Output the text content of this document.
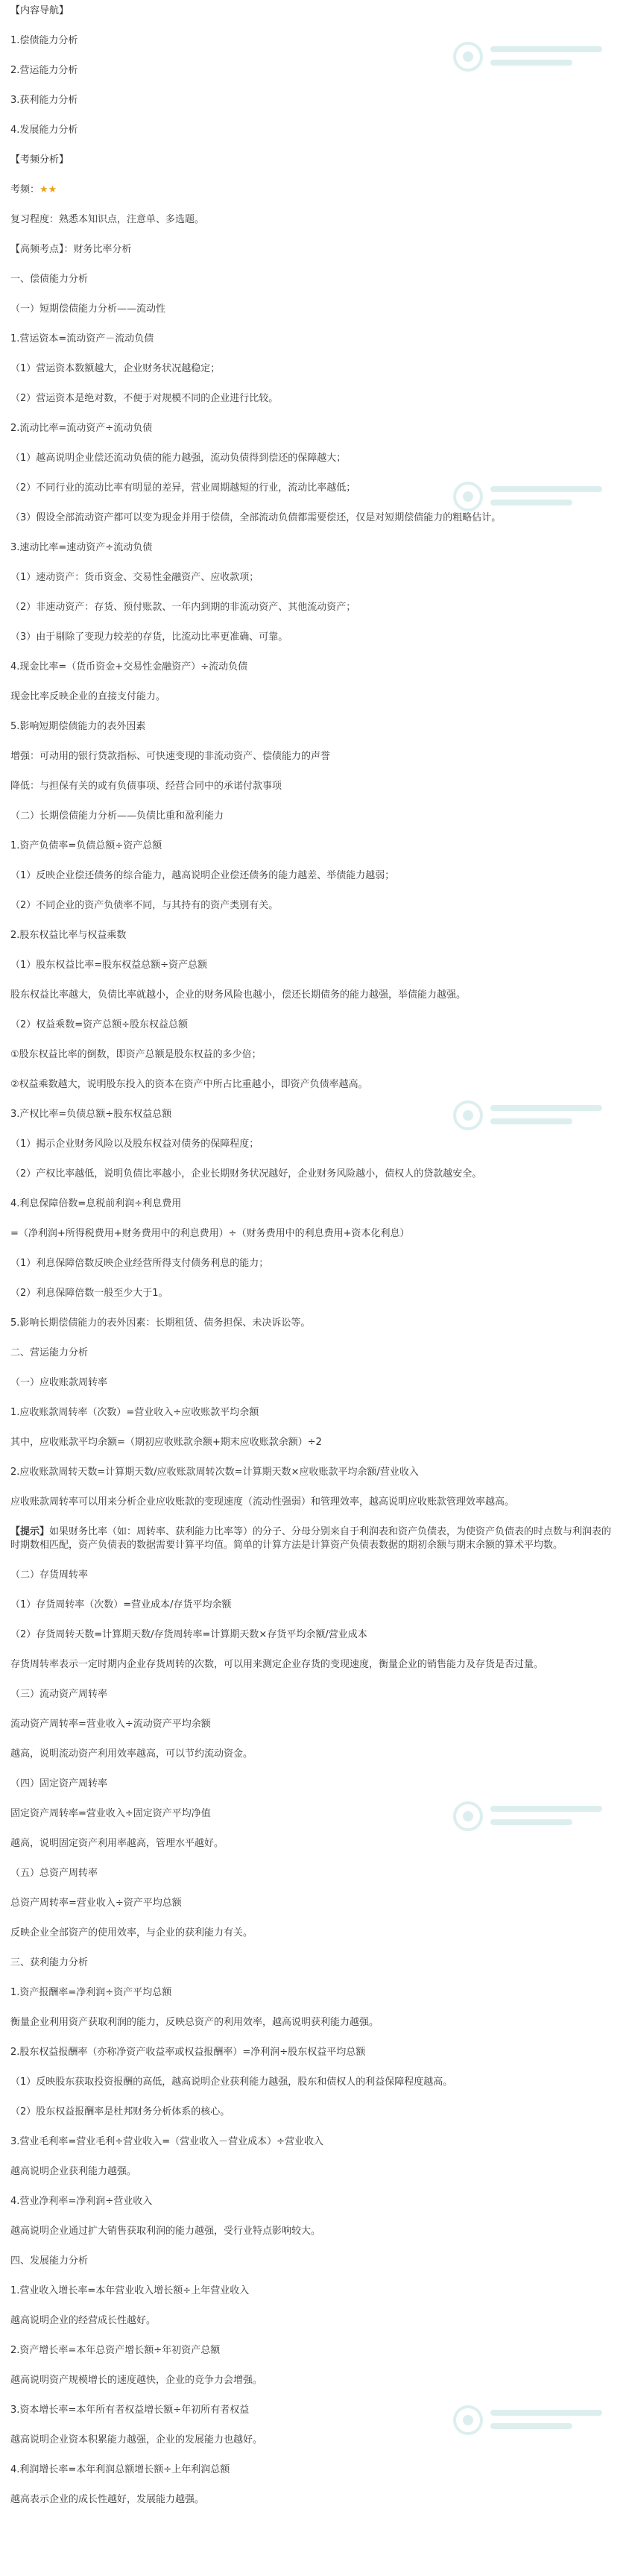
【内容导航】

1.偿债能力分析

2.营运能力分析

3.获利能力分析

4.发展能力分析

【考频分析】

考频：★★

复习程度：熟悉本知识点，注意单、多选题。

【高频考点】：财务比率分析

一、偿债能力分析

（一）短期偿债能力分析——流动性

1.营运资本=流动资产－流动负债

（1）营运资本数额越大，企业财务状况越稳定；

（2）营运资本是绝对数，不便于对规模不同的企业进行比较。

2.流动比率=流动资产÷流动负债

（1）越高说明企业偿还流动负债的能力越强，流动负债得到偿还的保障越大；

（2）不同行业的流动比率有明显的差异，营业周期越短的行业，流动比率越低；

（3）假设全部流动资产都可以变为现金并用于偿债，全部流动负债都需要偿还，仅是对短期偿债能力的粗略估计。

3.速动比率=速动资产÷流动负债

（1）速动资产：货币资金、交易性金融资产、应收款项；

（2）非速动资产：存货、预付账款、一年内到期的非流动资产、其他流动资产；

（3）由于剔除了变现力较差的存货，比流动比率更准确、可靠。

4.现金比率=（货币资金+交易性金融资产）÷流动负债

现金比率反映企业的直接支付能力。

5.影响短期偿债能力的表外因素

增强：可动用的银行贷款指标、可快速变现的非流动资产、偿债能力的声誉

降低：与担保有关的或有负债事项、经营合同中的承诺付款事项

（二）长期偿债能力分析——负债比重和盈利能力

1.资产负债率=负债总额÷资产总额

（1）反映企业偿还债务的综合能力，越高说明企业偿还债务的能力越差、举债能力越弱；

（2）不同企业的资产负债率不同，与其持有的资产类别有关。

2.股东权益比率与权益乘数

（1）股东权益比率=股东权益总额÷资产总额

股东权益比率越大，负债比率就越小，企业的财务风险也越小，偿还长期债务的能力越强，举债能力越强。

（2）权益乘数=资产总额÷股东权益总额

①股东权益比率的倒数，即资产总额是股东权益的多少倍；

②权益乘数越大，说明股东投入的资本在资产中所占比重越小，即资产负债率越高。

3.产权比率=负债总额÷股东权益总额

（1）揭示企业财务风险以及股东权益对债务的保障程度；

（2）产权比率越低，说明负债比率越小，企业长期财务状况越好，企业财务风险越小，债权人的贷款越安全。

4.利息保障倍数=息税前利润÷利息费用

=（净利润+所得税费用+财务费用中的利息费用）÷（财务费用中的利息费用+资本化利息）

（1）利息保障倍数反映企业经营所得支付债务利息的能力；

（2）利息保障倍数一般至少大于1。

5.影响长期偿债能力的表外因素：长期租赁、债务担保、未决诉讼等。

二、营运能力分析

（一）应收账款周转率

1.应收账款周转率（次数）=营业收入÷应收账款平均余额

其中，应收账款平均余额=（期初应收账款余额+期末应收账款余额）÷2

2.应收账款周转天数=计算期天数/应收账款周转次数=计算期天数×应收账款平均余额/营业收入

应收账款周转率可以用来分析企业应收账款的变现速度（流动性强弱）和管理效率，越高说明应收账款管理效率越高。

【提示】如果财务比率（如：周转率、获利能力比率等）的分子、分母分别来自于利润表和资产负债表，为使资产负债表的时点数与利润表的时期数相匹配，资产负债表的数据需要计算平均值。简单的计算方法是计算资产负债表数据的期初余额与期末余额的算术平均数。

（二）存货周转率

（1）存货周转率（次数）=营业成本/存货平均余额

（2）存货周转天数=计算期天数/存货周转率=计算期天数×存货平均余额/营业成本

存货周转率表示一定时期内企业存货周转的次数，可以用来测定企业存货的变现速度，衡量企业的销售能力及存货是否过量。

（三）流动资产周转率

流动资产周转率=营业收入÷流动资产平均余额

越高，说明流动资产利用效率越高，可以节约流动资金。

（四）固定资产周转率

固定资产周转率=营业收入÷固定资产平均净值

越高，说明固定资产利用率越高，管理水平越好。

（五）总资产周转率

总资产周转率=营业收入÷资产平均总额

反映企业全部资产的使用效率，与企业的获利能力有关。

三、获利能力分析

1.资产报酬率=净利润÷资产平均总额

衡量企业利用资产获取利润的能力，反映总资产的利用效率，越高说明获利能力越强。

2.股东权益报酬率（亦称净资产收益率或权益报酬率）=净利润÷股东权益平均总额

（1）反映股东获取投资报酬的高低，越高说明企业获利能力越强，股东和债权人的利益保障程度越高。

（2）股东权益报酬率是杜邦财务分析体系的核心。

3.营业毛利率=营业毛利÷营业收入=（营业收入－营业成本）÷营业收入

越高说明企业获利能力越强。

4.营业净利率=净利润÷营业收入

越高说明企业通过扩大销售获取利润的能力越强，受行业特点影响较大。

四、发展能力分析

1.营业收入增长率=本年营业收入增长额÷上年营业收入

越高说明企业的经营成长性越好。

2.资产增长率=本年总资产增长额÷年初资产总额

越高说明资产规模增长的速度越快，企业的竞争力会增强。

3.资本增长率=本年所有者权益增长额÷年初所有者权益

越高说明企业资本积累能力越强，企业的发展能力也越好。

4.利润增长率=本年利润总额增长额÷上年利润总额

越高表示企业的成长性越好，发展能力越强。
